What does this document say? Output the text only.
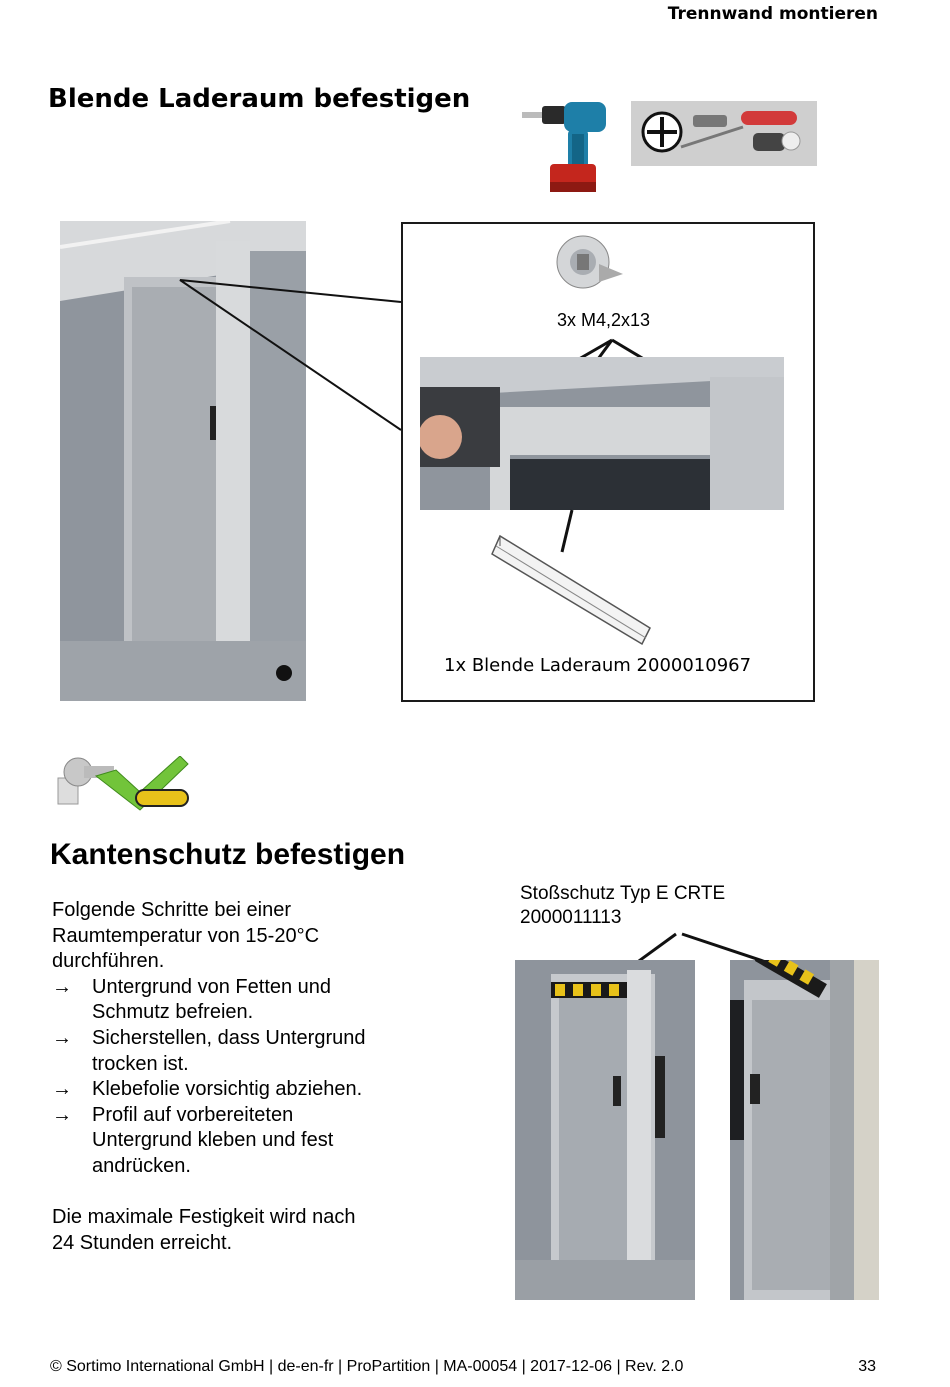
Trennwand montieren
Blende Laderaum befestigen
3x M4,2x13
1x Blende Laderaum 2000010967
Kantenschutz befestigen
Folgende Schritte bei einer
Raumtemperatur von 15-20°C
durchführen.
→	Untergrund von Fetten und
Schmutz befreien.
→	Sicherstellen, dass Untergrund
trocken ist.
→	Klebefolie vorsichtig abziehen.
→	Profil auf vorbereiteten
Untergrund kleben und fest
andrücken.
Die maximale Festigkeit wird nach
24 Stunden erreicht.
Stoßschutz Typ E CRTE
2000011113
© Sortimo International GmbH | de-en-fr | ProPartition | MA-00054 | 2017-12-06 | Rev. 2.0	33
